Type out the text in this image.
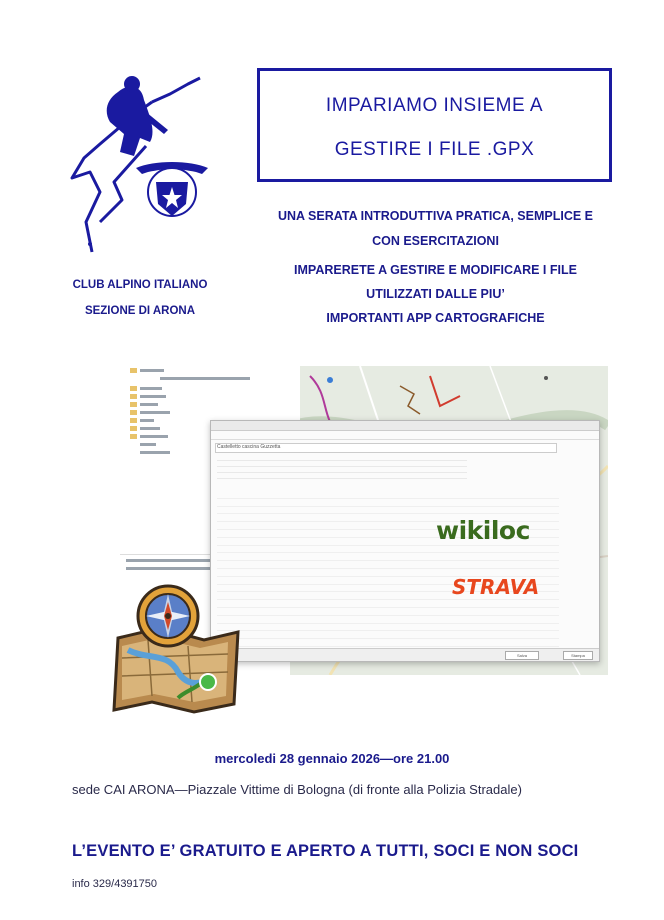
IMPARIAMO INSIEME A
GESTIRE I FILE .GPX
UNA SERATA INTRODUTTIVA PRATICA, SEMPLICE E
CON ESERCITAZIONI
IMPARERETE A GESTIRE E MODIFICARE I FILE
UTILIZZATI DALLE PIU’
IMPORTANTI APP CARTOGRAFICHE
CLUB ALPINO ITALIANO
SEZIONE DI ARONA
Castelletto cascina Guzzetta
Salva	Stampa
wikiloc
STRAVA
mercoledi 28 gennaio 2026—ore 21.00
sede CAI ARONA—Piazzale Vittime di Bologna (di fronte alla Polizia Stradale)
L’EVENTO E’ GRATUITO E APERTO A TUTTI, SOCI E NON SOCI
info 329/4391750
